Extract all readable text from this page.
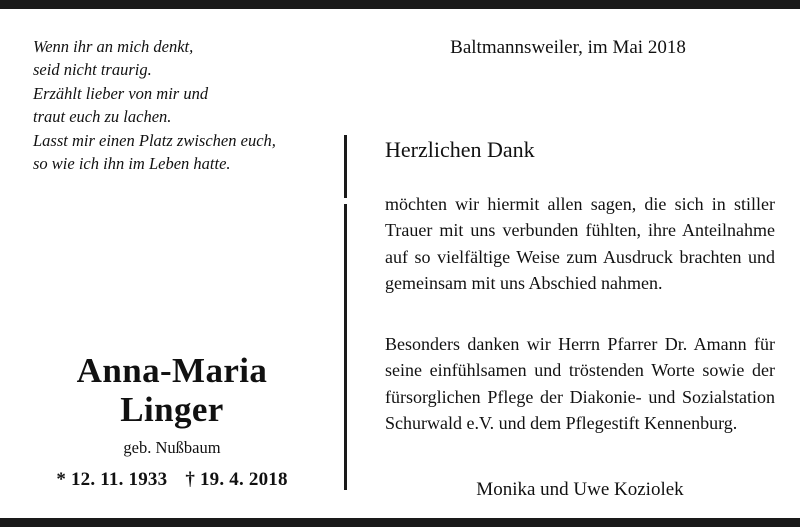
Wenn ihr an mich denkt,
seid nicht traurig.
Erzählt lieber von mir und
traut euch zu lachen.
Lasst mir einen Platz zwischen euch,
so wie ich ihn im Leben hatte.
Anna-Maria
Linger
geb. Nußbaum
* 12. 11. 1933 † 19. 4. 2018
Baltmannsweiler, im Mai 2018
Herzlichen Dank
möchten wir hiermit allen sagen, die sich in stiller Trauer mit uns verbunden fühlten, ihre Anteilnahme auf so vielfältige Weise zum Ausdruck brachten und gemeinsam mit uns Abschied nahmen.
Besonders danken wir Herrn Pfarrer Dr. Amann für seine einfühlsamen und tröstenden Worte sowie der fürsorglichen Pflege der Diakonie- und Sozialstation Schurwald e.V. und dem Pflegestift Kennenburg.
Monika und Uwe Koziolek
